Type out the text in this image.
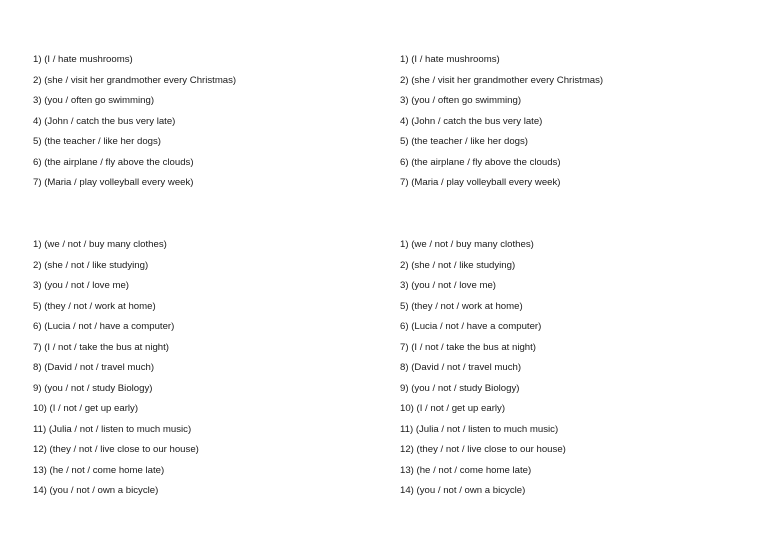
1) (I / hate mushrooms)
2) (she / visit her grandmother every Christmas)
3) (you / often go swimming)
4) (John / catch the bus very late)
5) (the teacher / like her dogs)
6) (the airplane / fly above the clouds)
7) (Maria / play volleyball every week)
1) (I / hate mushrooms)
2) (she / visit her grandmother every Christmas)
3) (you / often go swimming)
4) (John / catch the bus very late)
5) (the teacher / like her dogs)
6) (the airplane / fly above the clouds)
7) (Maria / play volleyball every week)
1) (we / not / buy many clothes)
2) (she / not / like studying)
3) (you / not / love me)
5) (they / not / work at home)
6) (Lucia / not / have a computer)
7) (I / not / take the bus at night)
8) (David / not / travel much)
9) (you / not / study Biology)
10) (I / not / get up early)
11) (Julia / not / listen to much music)
12) (they / not / live close to our house)
13) (he / not / come home late)
14) (you / not / own a bicycle)
1) (we / not / buy many clothes)
2) (she / not / like studying)
3) (you / not / love me)
5) (they / not / work at home)
6) (Lucia / not / have a computer)
7) (I / not / take the bus at night)
8) (David / not / travel much)
9) (you / not / study Biology)
10) (I / not / get up early)
11) (Julia / not / listen to much music)
12) (they / not / live close to our house)
13) (he / not / come home late)
14) (you / not / own a bicycle)
